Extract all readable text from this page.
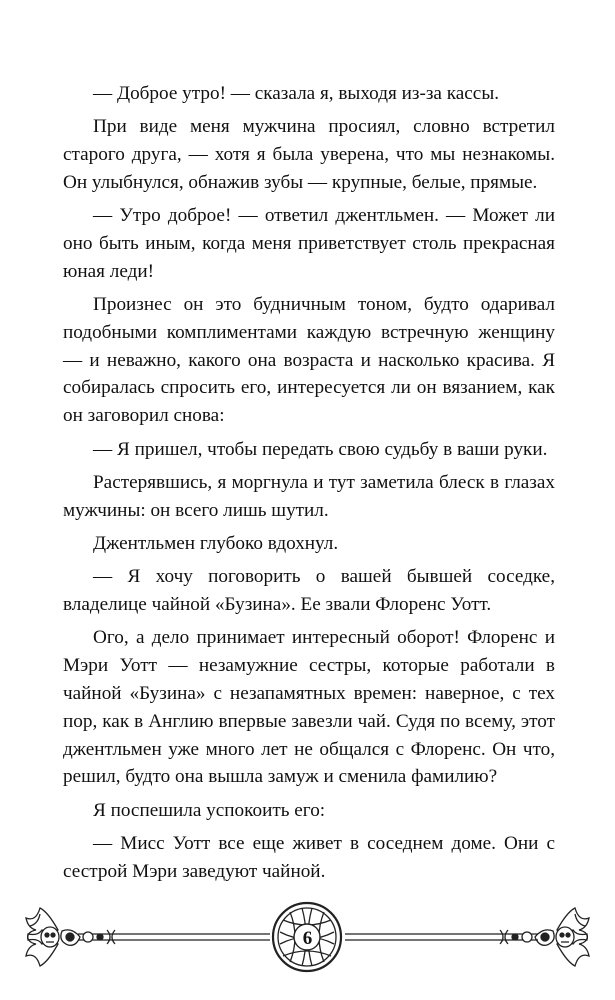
— Доброе утро! — сказала я, выходя из-за кассы.

При виде меня мужчина просиял, словно встретил старого друга, — хотя я была уверена, что мы незнакомы. Он улыбнулся, обнажив зубы — крупные, белые, прямые.

— Утро доброе! — ответил джентльмен. — Может ли оно быть иным, когда меня приветствует столь прекрасная юная леди!

Произнес он это будничным тоном, будто одаривал подобными комплиментами каждую встречную женщину — и неважно, какого она возраста и насколько красива. Я собиралась спросить его, интересуется ли он вязанием, как он заговорил снова:

— Я пришел, чтобы передать свою судьбу в ваши руки.

Растерявшись, я моргнула и тут заметила блеск в глазах мужчины: он всего лишь шутил.

Джентльмен глубоко вдохнул.

— Я хочу поговорить о вашей бывшей соседке, владелице чайной «Бузина». Ее звали Флоренс Уотт.

Ого, а дело принимает интересный оборот! Флоренс и Мэри Уотт — незамужние сестры, которые работали в чайной «Бузина» с незапамятных времен: наверное, с тех пор, как в Англию впервые завезли чай. Судя по всему, этот джентльмен уже много лет не общался с Флоренс. Он что, решил, будто она вышла замуж и сменила фамилию?

Я поспешила успокоить его:

— Мисс Уотт все еще живет в соседнем доме. Они с сестрой Мэри заведуют чайной.

6
